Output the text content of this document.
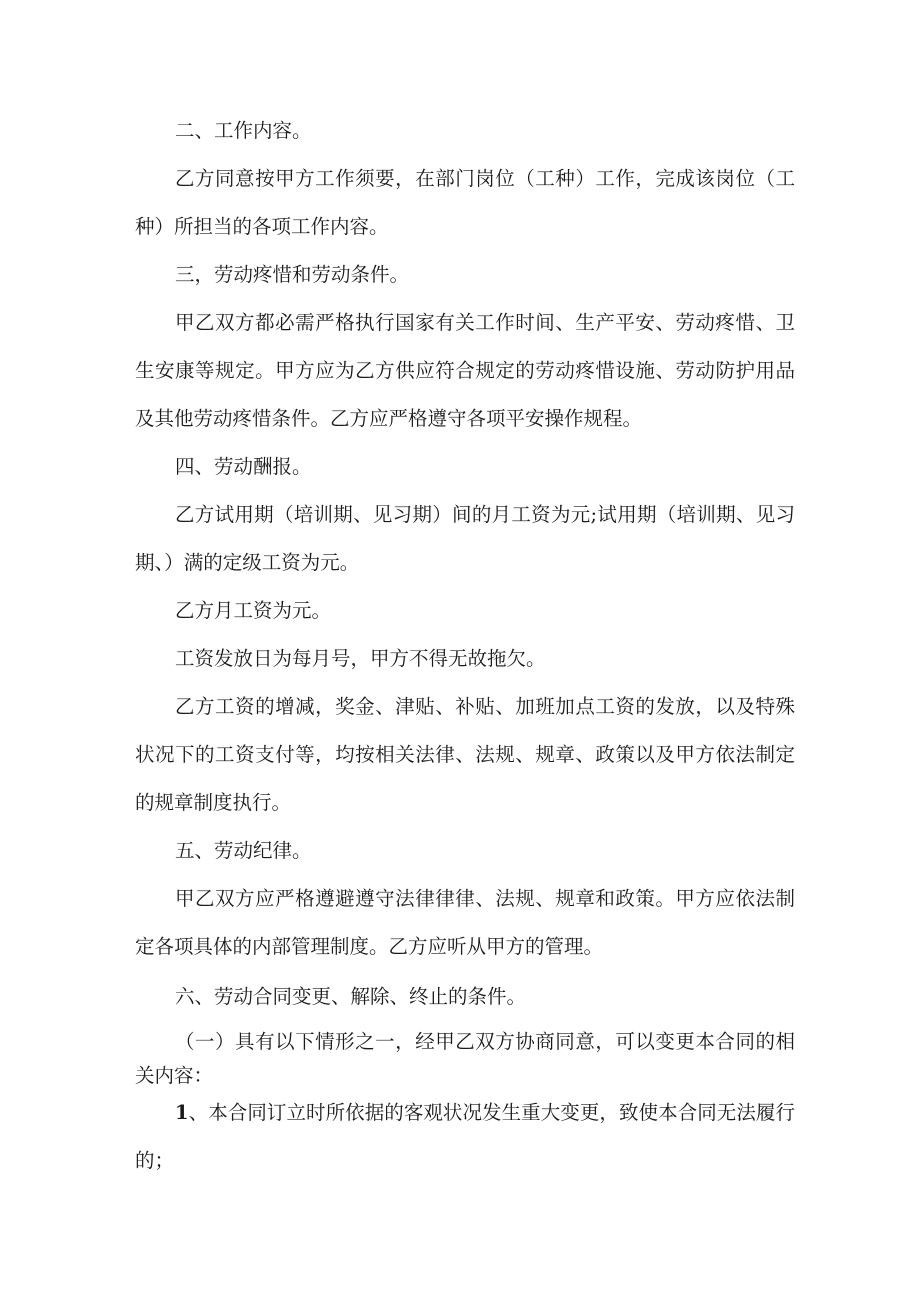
二、工作内容。

乙方同意按甲方工作须要，在部门岗位（工种）工作，完成该岗位（工种）所担当的各项工作内容。

三，劳动疼惜和劳动条件。

甲乙双方都必需严格执行国家有关工作时间、生产平安、劳动疼惜、卫生安康等规定。甲方应为乙方供应符合规定的劳动疼惜设施、劳动防护用品及其他劳动疼惜条件。乙方应严格遵守各项平安操作规程。

四、劳动酬报。

乙方试用期（培训期、见习期）间的月工资为元;试用期（培训期、见习期、）满的定级工资为元。

乙方月工资为元。

工资发放日为每月号，甲方不得无故拖欠。

乙方工资的增减，奖金、津贴、补贴、加班加点工资的发放，以及特殊状况下的工资支付等，均按相关法律、法规、规章、政策以及甲方依法制定的规章制度执行。

五、劳动纪律。

甲乙双方应严格遵避遵守法律律律、法规、规章和政策。甲方应依法制定各项具体的内部管理制度。乙方应听从甲方的管理。

六、劳动合同变更、解除、终止的条件。

（一）具有以下情形之一，经甲乙双方协商同意，可以变更本合同的相关内容：

1、本合同订立时所依据的客观状况发生重大变更，致使本合同无法履行的；
